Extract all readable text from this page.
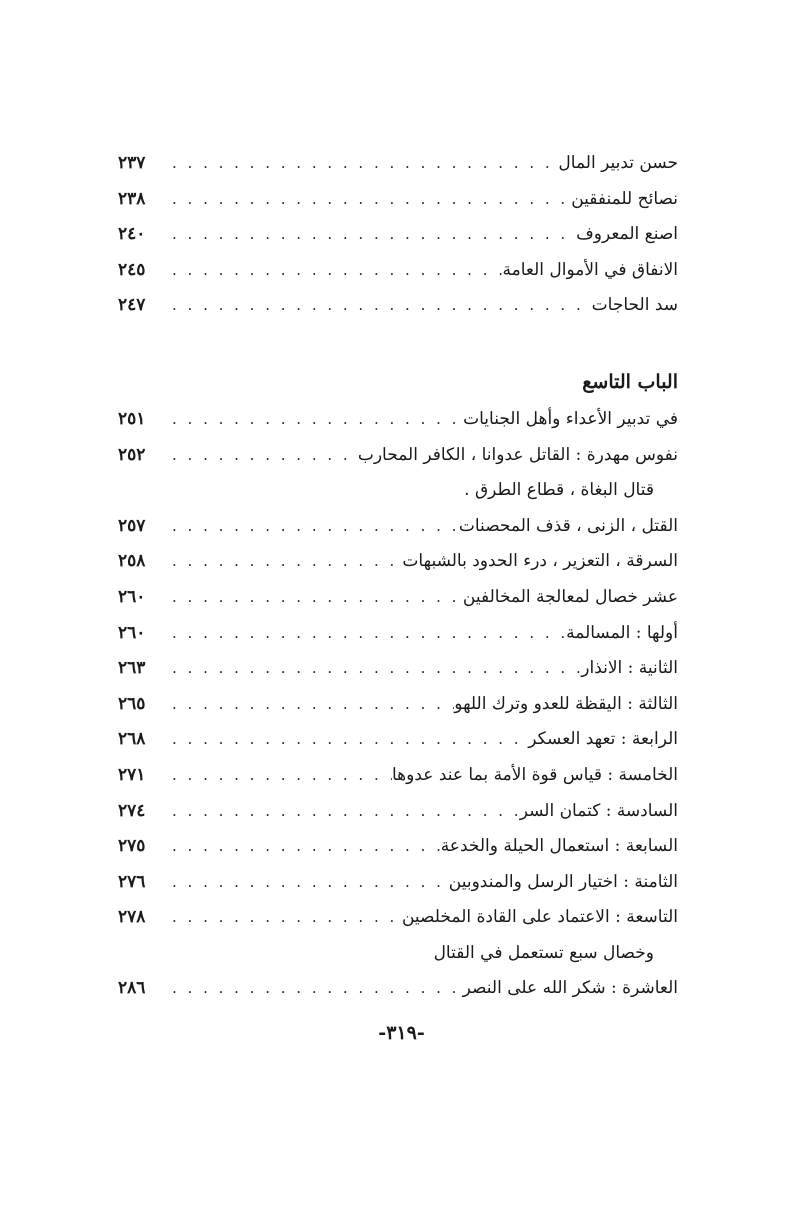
حسن تدبير المال
. . .
٢٣٧
نصائح للمنفقين
. . .
٢٣٨
اصنع المعروف
. . .
٢٤٠
الانفاق في الأموال العامة
. . .
٢٤٥
سد الحاجات
. . .
٢٤٧
الباب التاسع
في تدبير الأعداء وأهل الجنايات
. . .
٢٥١
نفوس مهدرة : القاتل عدوانا ، الكافر المحارب
. . .
٢٥٢
قتال البغاة ، قطاع الطرق .
القتل ، الزنى ، قذف المحصنات
. . .
٢٥٧
السرقة ، التعزير ، درء الحدود بالشبهات
. . .
٢٥٨
عشر خصال لمعالجة المخالفين
. . .
٢٦٠
أولها : المسالمة
. . .
٢٦٠
الثانية : الانذار
. . .
٢٦٣
الثالثة : اليقظة للعدو وترك اللهو
. . .
٢٦٥
الرابعة : تعهد العسكر
. . .
٢٦٨
الخامسة : قياس قوة الأمة بما عند عدوها
. . .
٢٧١
السادسة : كتمان السر
. . .
٢٧٤
السابعة : استعمال الحيلة والخدعة
. . .
٢٧٥
الثامنة : اختيار الرسل والمندوبين
. . .
٢٧٦
التاسعة : الاعتماد على القادة المخلصين
. . .
٢٧٨
وخصال سبع تستعمل في القتال
العاشرة : شكر الله على النصر
. . .
٢٨٦
-٣١٩-
